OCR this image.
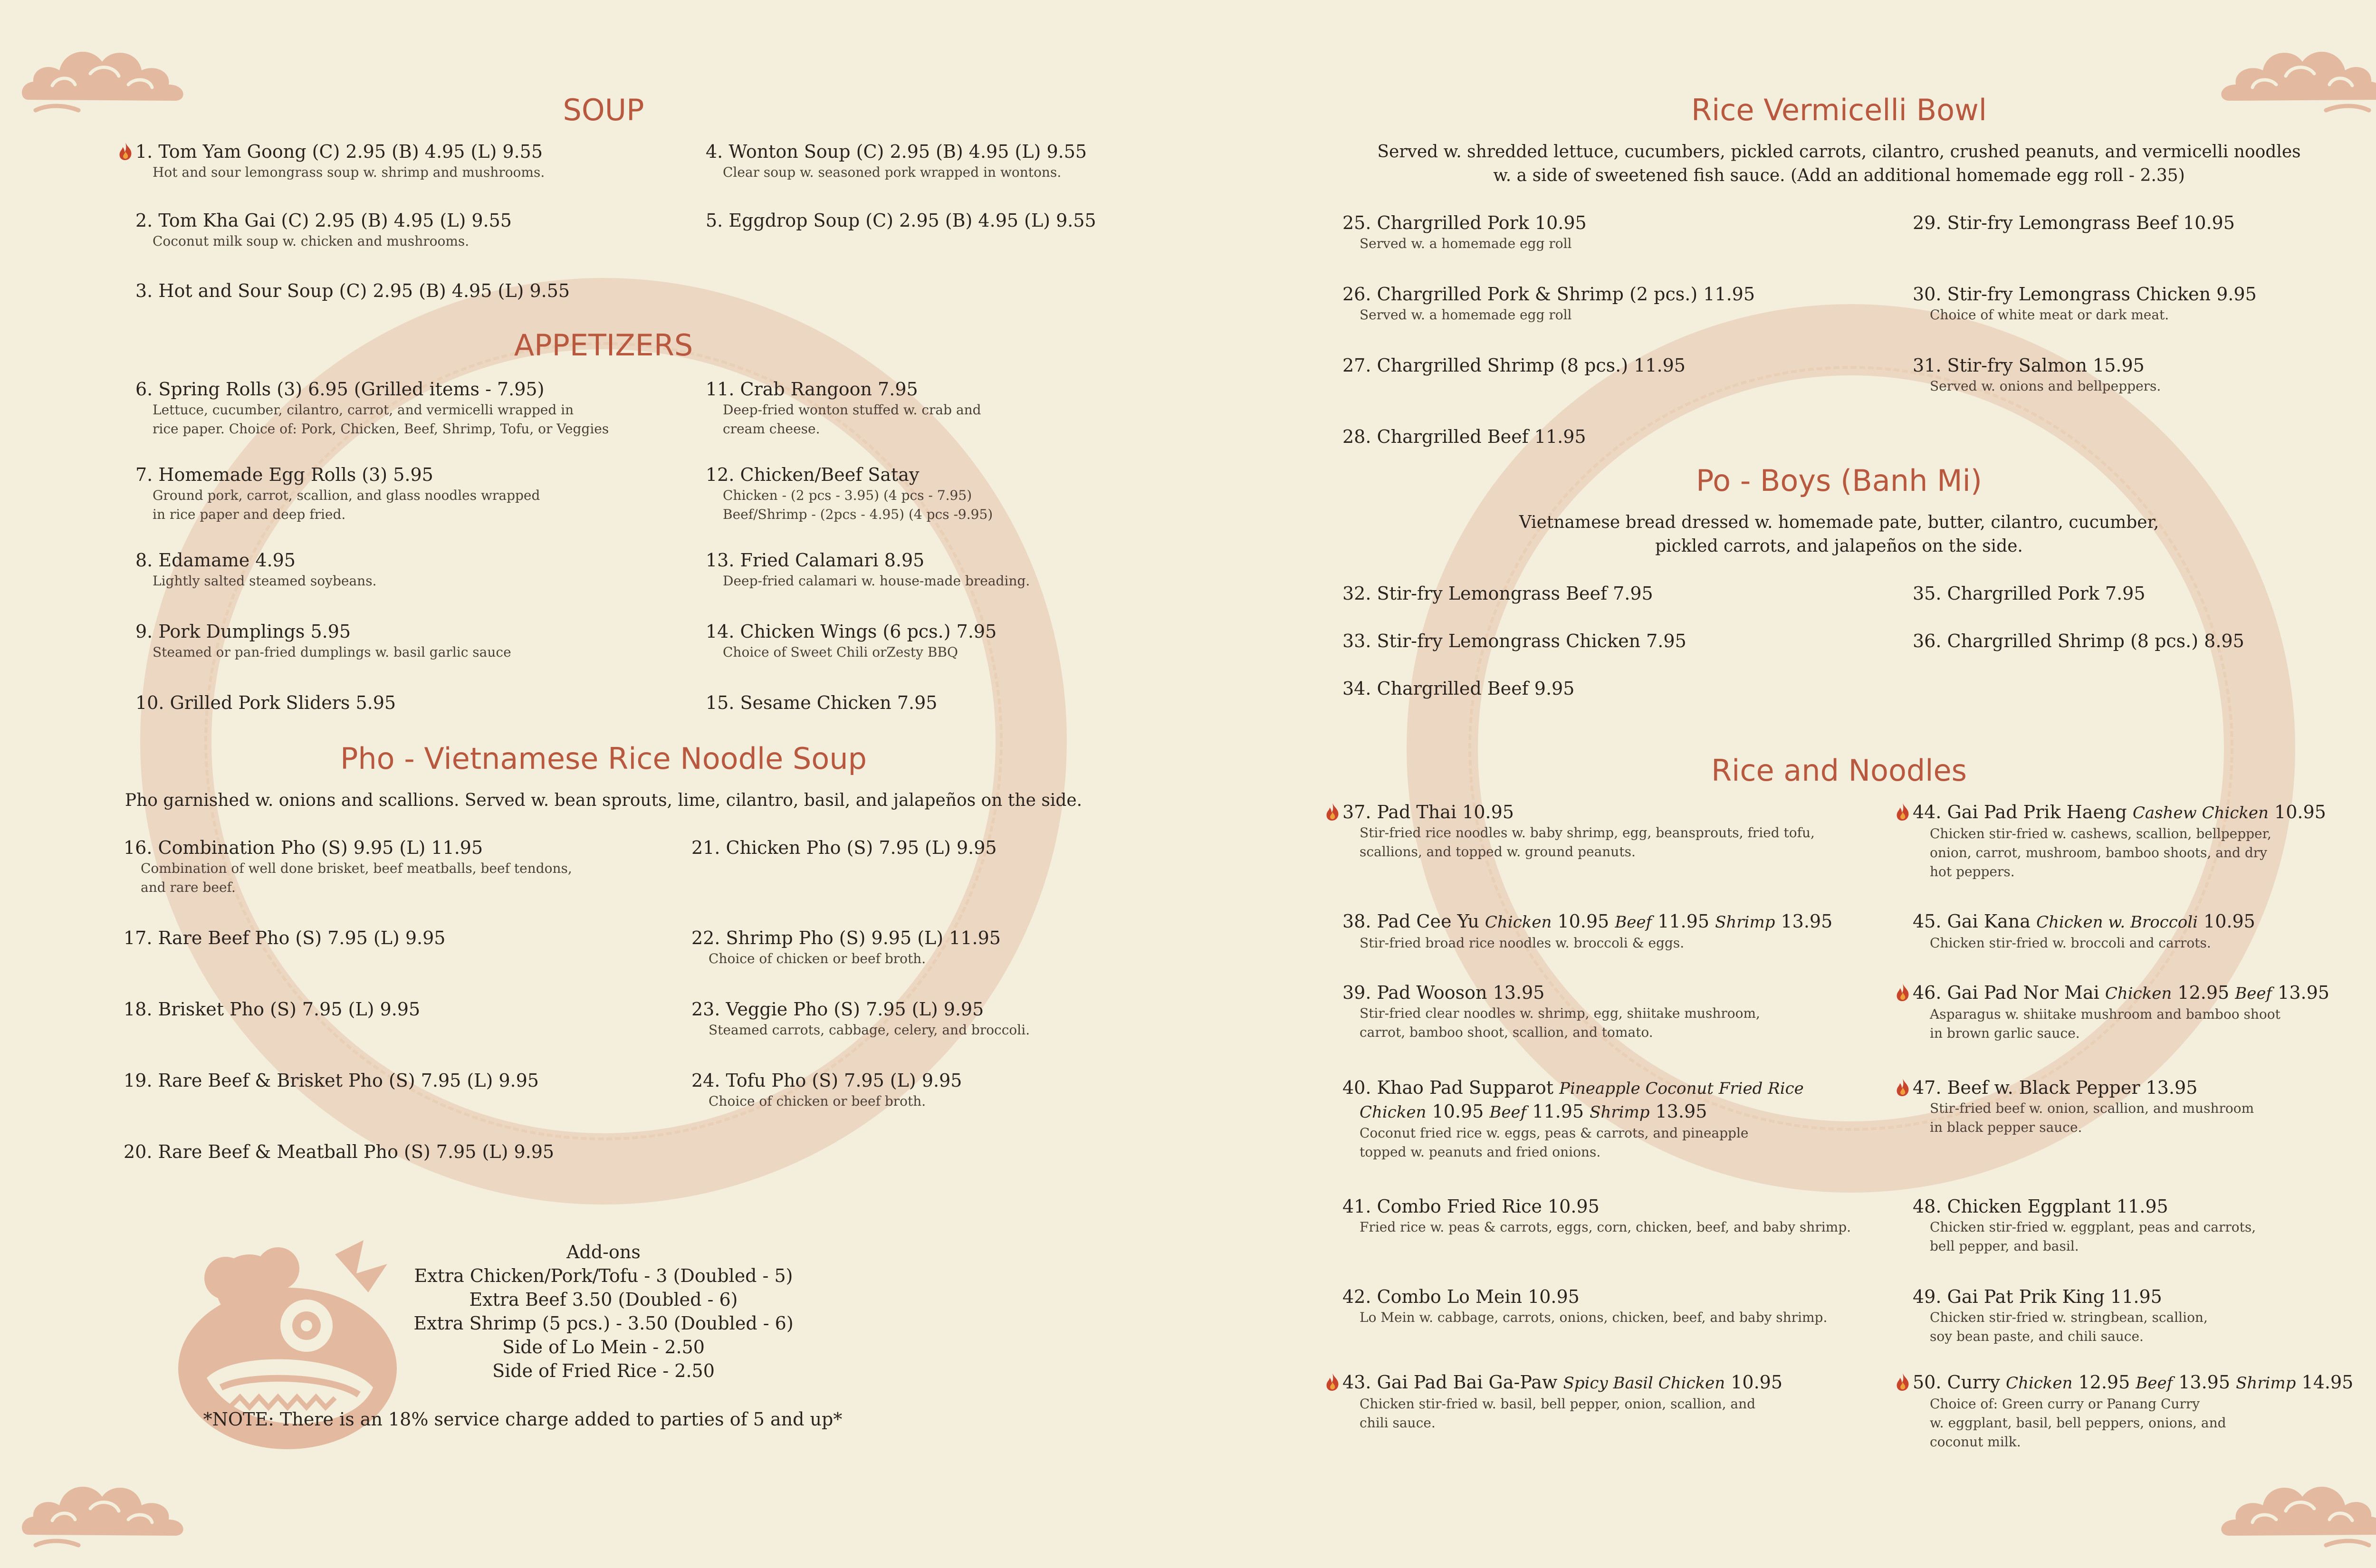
SOUP
1. Tom Yam Goong (C) 2.95 (B) 4.95 (L) 9.55
Hot and sour lemongrass soup w. shrimp and mushrooms.
2. Tom Kha Gai (C) 2.95 (B) 4.95 (L) 9.55
Coconut milk soup w. chicken and mushrooms.
3. Hot and Sour Soup (C) 2.95 (B) 4.95 (L) 9.55
4. Wonton Soup (C) 2.95 (B) 4.95 (L) 9.55
Clear soup w. seasoned pork wrapped in wontons.
5. Eggdrop Soup (C) 2.95 (B) 4.95 (L) 9.55
APPETIZERS
6. Spring Rolls (3) 6.95 (Grilled items - 7.95)
Lettuce, cucumber, cilantro, carrot, and vermicelli wrapped in
rice paper. Choice of: Pork, Chicken, Beef, Shrimp, Tofu, or Veggies
7. Homemade Egg Rolls (3) 5.95
Ground pork, carrot, scallion, and glass noodles wrapped
in rice paper and deep fried.
8. Edamame 4.95
Lightly salted steamed soybeans.
9. Pork Dumplings 5.95
Steamed or pan-fried dumplings w. basil garlic sauce
10. Grilled Pork Sliders 5.95
11. Crab Rangoon 7.95
Deep-fried wonton stuffed w. crab and
cream cheese.
12. Chicken/Beef Satay
Chicken - (2 pcs - 3.95) (4 pcs - 7.95)
Beef/Shrimp - (2pcs - 4.95) (4 pcs -9.95)
13. Fried Calamari 8.95
Deep-fried calamari w. house-made breading.
14. Chicken Wings (6 pcs.) 7.95
Choice of Sweet Chili orZesty BBQ
15. Sesame Chicken 7.95
Pho - Vietnamese Rice Noodle Soup
Pho garnished w. onions and scallions. Served w. bean sprouts, lime, cilantro, basil, and jalapeños on the side.
16. Combination Pho (S) 9.95 (L) 11.95
Combination of well done brisket, beef meatballs, beef tendons,
and rare beef.
17. Rare Beef Pho (S) 7.95 (L) 9.95
18. Brisket Pho (S) 7.95 (L) 9.95
19. Rare Beef & Brisket Pho (S) 7.95 (L) 9.95
20. Rare Beef & Meatball Pho (S) 7.95 (L) 9.95
21. Chicken Pho (S) 7.95 (L) 9.95
22. Shrimp Pho (S) 9.95 (L) 11.95
Choice of chicken or beef broth.
23. Veggie Pho (S) 7.95 (L) 9.95
Steamed carrots, cabbage, celery, and broccoli.
24. Tofu Pho (S) 7.95 (L) 9.95
Choice of chicken or beef broth.
Add-ons
Extra Chicken/Pork/Tofu - 3 (Doubled - 5)
Extra Beef 3.50 (Doubled - 6)
Extra Shrimp (5 pcs.) - 3.50 (Doubled - 6)
Side of Lo Mein - 2.50
Side of Fried Rice - 2.50
*NOTE: There is an 18% service charge added to parties of 5 and up*
Rice Vermicelli Bowl
Served w. shredded lettuce, cucumbers, pickled carrots, cilantro, crushed peanuts, and vermicelli noodles
w. a side of sweetened fish sauce. (Add an additional homemade egg roll - 2.35)
25. Chargrilled Pork 10.95
Served w. a homemade egg roll
26. Chargrilled Pork & Shrimp (2 pcs.) 11.95
Served w. a homemade egg roll
27. Chargrilled Shrimp (8 pcs.) 11.95
28. Chargrilled Beef 11.95
29. Stir-fry Lemongrass Beef 10.95
30. Stir-fry Lemongrass Chicken 9.95
Choice of white meat or dark meat.
31. Stir-fry Salmon 15.95
Served w. onions and bellpeppers.
Po - Boys (Banh Mi)
Vietnamese bread dressed w. homemade pate, butter, cilantro, cucumber,
pickled carrots, and jalapeños on the side.
32. Stir-fry Lemongrass Beef 7.95
33. Stir-fry Lemongrass Chicken 7.95
34. Chargrilled Beef 9.95
35. Chargrilled Pork 7.95
36. Chargrilled Shrimp (8 pcs.) 8.95
Rice and Noodles
37. Pad Thai 10.95
Stir-fried rice noodles w. baby shrimp, egg, beansprouts, fried tofu,
scallions, and topped w. ground peanuts.
38. Pad Cee Yu Chicken 10.95 Beef 11.95 Shrimp 13.95
Stir-fried broad rice noodles w. broccoli & eggs.
39. Pad Wooson 13.95
Stir-fried clear noodles w. shrimp, egg, shiitake mushroom,
carrot, bamboo shoot, scallion, and tomato.
40. Khao Pad Supparot Pineapple Coconut Fried Rice
Chicken 10.95 Beef 11.95 Shrimp 13.95
Coconut fried rice w. eggs, peas & carrots, and pineapple
topped w. peanuts and fried onions.
41. Combo Fried Rice 10.95
Fried rice w. peas & carrots, eggs, corn, chicken, beef, and baby shrimp.
42. Combo Lo Mein 10.95
Lo Mein w. cabbage, carrots, onions, chicken, beef, and baby shrimp.
43. Gai Pad Bai Ga-Paw Spicy Basil Chicken 10.95
Chicken stir-fried w. basil, bell pepper, onion, scallion, and
chili sauce.
44. Gai Pad Prik Haeng Cashew Chicken 10.95
Chicken stir-fried w. cashews, scallion, bellpepper,
onion, carrot, mushroom, bamboo shoots, and dry
hot peppers.
45. Gai Kana Chicken w. Broccoli 10.95
Chicken stir-fried w. broccoli and carrots.
46. Gai Pad Nor Mai Chicken 12.95 Beef 13.95
Asparagus w. shiitake mushroom and bamboo shoot
in brown garlic sauce.
47. Beef w. Black Pepper 13.95
Stir-fried beef w. onion, scallion, and mushroom
in black pepper sauce.
48. Chicken Eggplant 11.95
Chicken stir-fried w. eggplant, peas and carrots,
bell pepper, and basil.
49. Gai Pat Prik King 11.95
Chicken stir-fried w. stringbean, scallion,
soy bean paste, and chili sauce.
50. Curry Chicken 12.95 Beef 13.95 Shrimp 14.95
Choice of: Green curry or Panang Curry
w. eggplant, basil, bell peppers, onions, and
coconut milk.
